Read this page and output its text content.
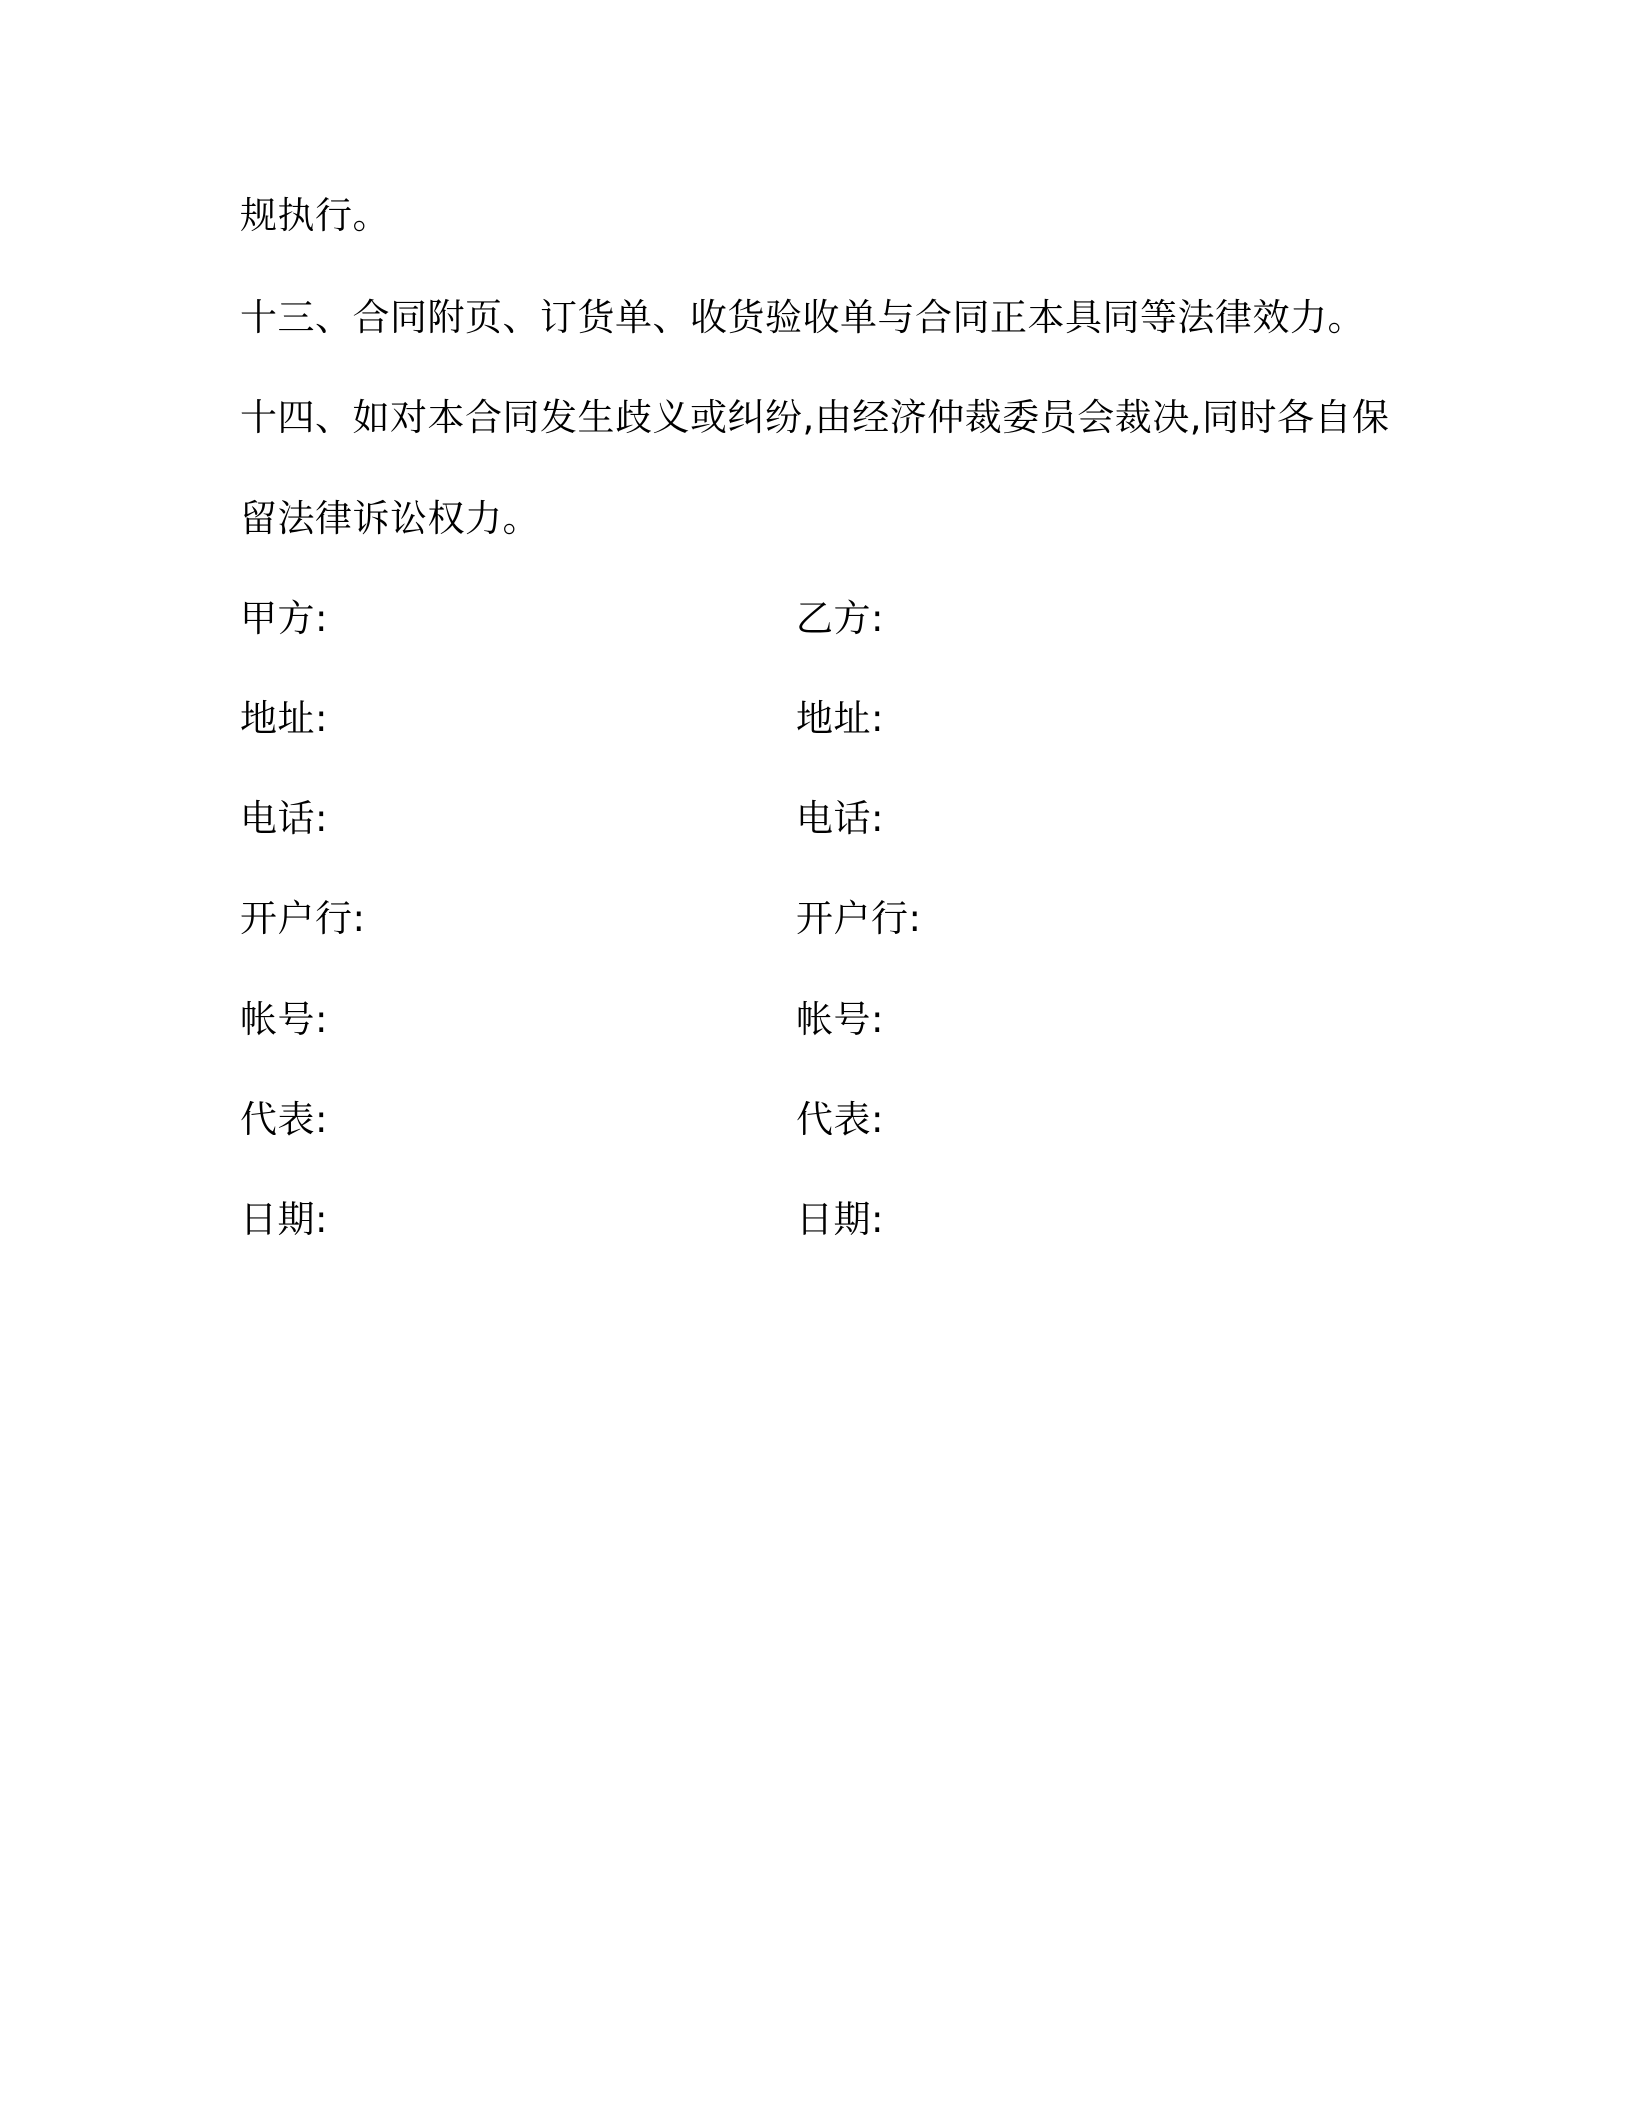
规执行。
十三、合同附页、订货单、收货验收单与合同正本具同等法律效力。
十四、如对本合同发生歧义或纠纷,由经济仲裁委员会裁决,同时各自保
留法律诉讼权力。
甲方:	乙方:
地址:	地址:
电话:	电话:
开户行:	开户行:
帐号:	帐号:
代表:	代表:
日期:	日期:
